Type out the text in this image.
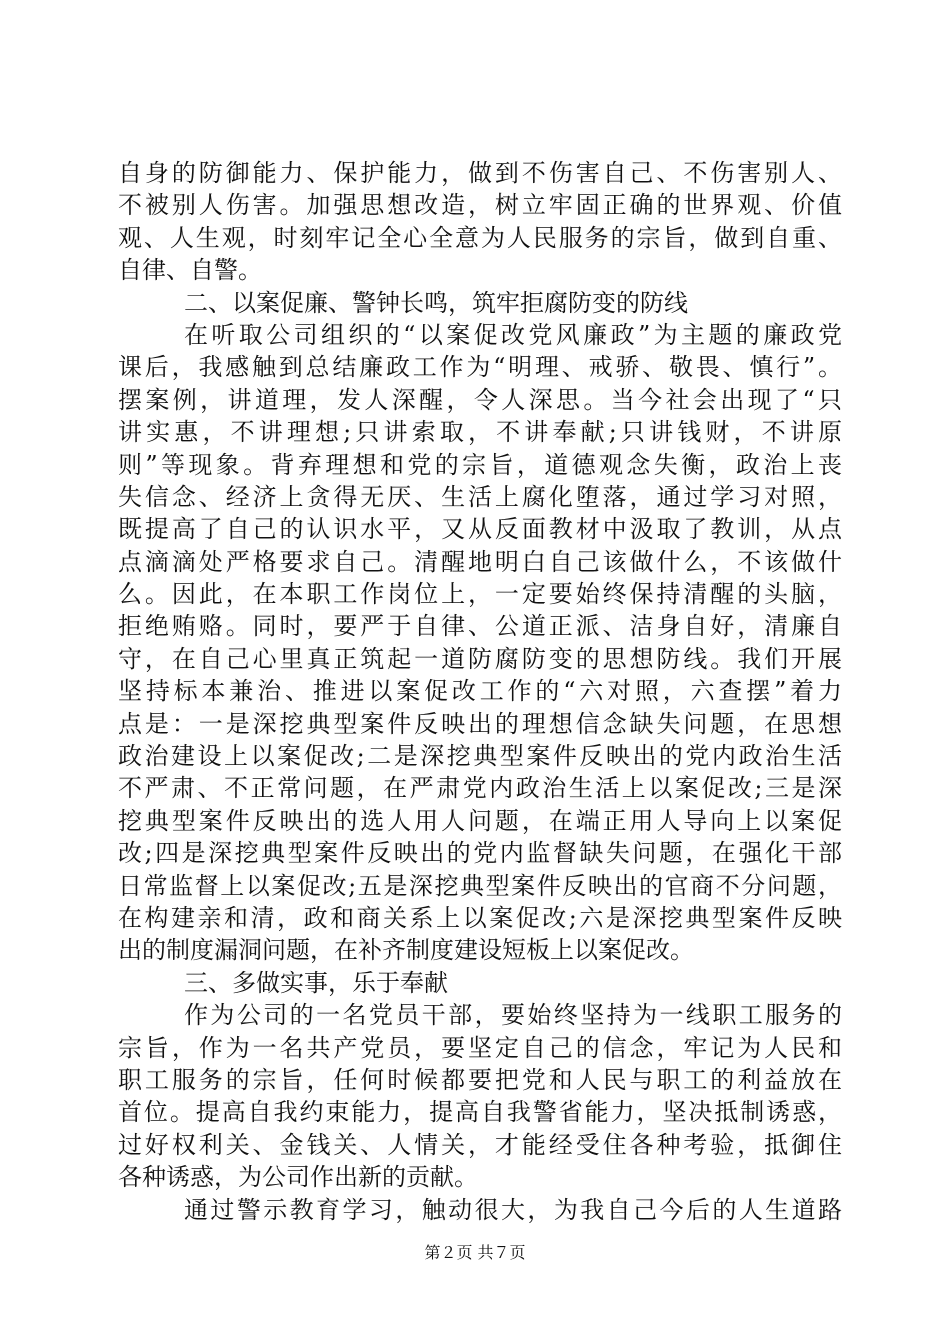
自身的防御能力、保护能力，做到不伤害自己、不伤害别人、
不被别人伤害。加强思想改造，树立牢固正确的世界观、价值
观、人生观，时刻牢记全心全意为人民服务的宗旨，做到自重、
自律、自警。
二、以案促廉、警钟长鸣，筑牢拒腐防变的防线
在听取公司组织的“以案促改党风廉政”为主题的廉政党
课后，我感触到总结廉政工作为“明理、戒骄、敬畏、慎行”。
摆案例，讲道理，发人深醒，令人深思。当今社会出现了“只
讲实惠，不讲理想;只讲索取，不讲奉献;只讲钱财，不讲原
则”等现象。背弃理想和党的宗旨，道德观念失衡，政治上丧
失信念、经济上贪得无厌、生活上腐化堕落，通过学习对照，
既提高了自己的认识水平，又从反面教材中汲取了教训，从点
点滴滴处严格要求自己。清醒地明白自己该做什么，不该做什
么。因此，在本职工作岗位上，一定要始终保持清醒的头脑，
拒绝贿赂。同时，要严于自律、公道正派、洁身自好，清廉自
守，在自己心里真正筑起一道防腐防变的思想防线。我们开展
坚持标本兼治、推进以案促改工作的“六对照，六查摆”着力
点是：一是深挖典型案件反映出的理想信念缺失问题，在思想
政治建设上以案促改;二是深挖典型案件反映出的党内政治生活
不严肃、不正常问题，在严肃党内政治生活上以案促改;三是深
挖典型案件反映出的选人用人问题，在端正用人导向上以案促
改;四是深挖典型案件反映出的党内监督缺失问题，在强化干部
日常监督上以案促改;五是深挖典型案件反映出的官商不分问题，
在构建亲和清，政和商关系上以案促改;六是深挖典型案件反映
出的制度漏洞问题，在补齐制度建设短板上以案促改。
三、多做实事，乐于奉献
作为公司的一名党员干部，要始终坚持为一线职工服务的
宗旨，作为一名共产党员，要坚定自己的信念，牢记为人民和
职工服务的宗旨，任何时候都要把党和人民与职工的利益放在
首位。提高自我约束能力，提高自我警省能力，坚决抵制诱惑，
过好权利关、金钱关、人情关，才能经受住各种考验，抵御住
各种诱惑，为公司作出新的贡献。
通过警示教育学习，触动很大，为我自己今后的人生道路
第２页 共７页
